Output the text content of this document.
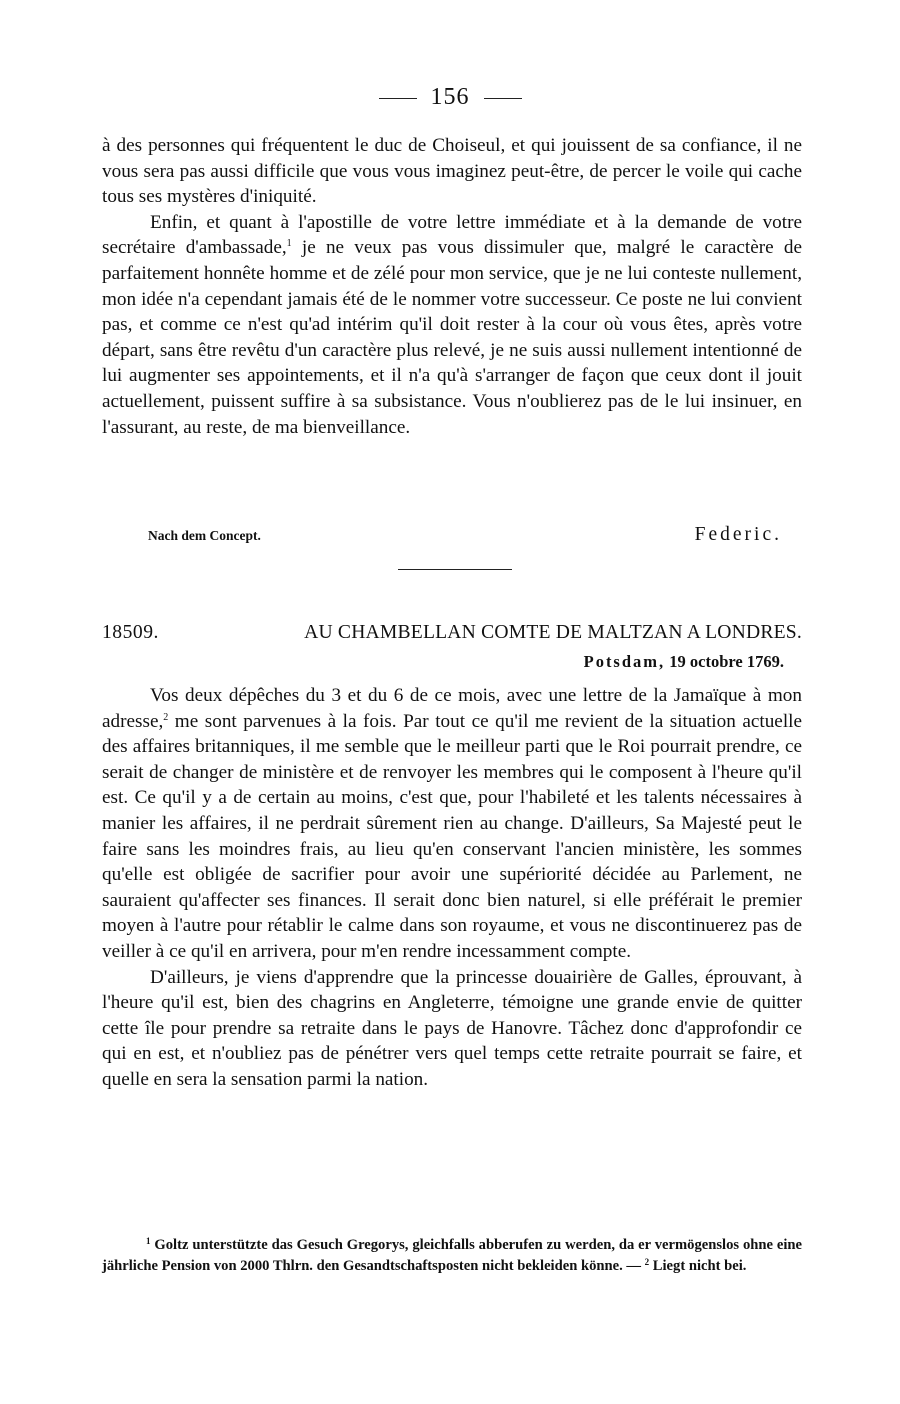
156

à des personnes qui fréquentent le duc de Choiseul, et qui jouissent de sa confiance, il ne vous sera pas aussi difficile que vous vous imaginez peut-être, de percer le voile qui cache tous ses mystères d'iniquité.

Enfin, et quant à l'apostille de votre lettre immédiate et à la demande de votre secrétaire d'ambassade,$^1$ je ne veux pas vous dissimuler que, malgré le caractère de parfaitement honnête homme et de zélé pour mon service, que je ne lui conteste nullement, mon idée n'a cependant jamais été de le nommer votre successeur. Ce poste ne lui convient pas, et comme ce n'est qu'ad intérim qu'il doit rester à la cour où vous êtes, après votre départ, sans être revêtu d'un caractère plus relevé, je ne suis aussi nullement intentionné de lui augmenter ses appointements, et il n'a qu'à s'arranger de façon que ceux dont il jouit actuellement, puissent suffire à sa subsistance. Vous n'oublierez pas de le lui insinuer, en l'assurant, au reste, de ma bienveillance.

Nach dem Concept.	Federic.
18509.	AU CHAMBELLAN COMTE DE MALTZAN A LONDRES.
Potsdam, 19 octobre 1769.

Vos deux dépêches du 3 et du 6 de ce mois, avec une lettre de la Jamaïque à mon adresse,$^2$ me sont parvenues à la fois. Par tout ce qu'il me revient de la situation actuelle des affaires britanniques, il me semble que le meilleur parti que le Roi pourrait prendre, ce serait de changer de ministère et de renvoyer les membres qui le composent à l'heure qu'il est. Ce qu'il y a de certain au moins, c'est que, pour l'habileté et les talents nécessaires à manier les affaires, il ne perdrait sûrement rien au change. D'ailleurs, Sa Majesté peut le faire sans les moindres frais, au lieu qu'en conservant l'ancien ministère, les sommes qu'elle est obligée de sacrifier pour avoir une supériorité décidée au Parlement, ne sauraient qu'affecter ses finances. Il serait donc bien naturel, si elle préférait le premier moyen à l'autre pour rétablir le calme dans son royaume, et vous ne discontinuerez pas de veiller à ce qu'il en arrivera, pour m'en rendre incessamment compte.

D'ailleurs, je viens d'apprendre que la princesse douairière de Galles, éprouvant, à l'heure qu'il est, bien des chagrins en Angleterre, témoigne une grande envie de quitter cette île pour prendre sa retraite dans le pays de Hanovre. Tâchez donc d'approfondir ce qui en est, et n'oubliez pas de pénétrer vers quel temps cette retraite pourrait se faire, et quelle en sera la sensation parmi la nation.

$^1$ Goltz unterstützte das Gesuch Gregorys, gleichfalls abberufen zu werden, da er vermögenslos ohne eine jährliche Pension von 2000 Thlrn. den Gesandtschaftsposten nicht bekleiden könne. — $^2$ Liegt nicht bei.
